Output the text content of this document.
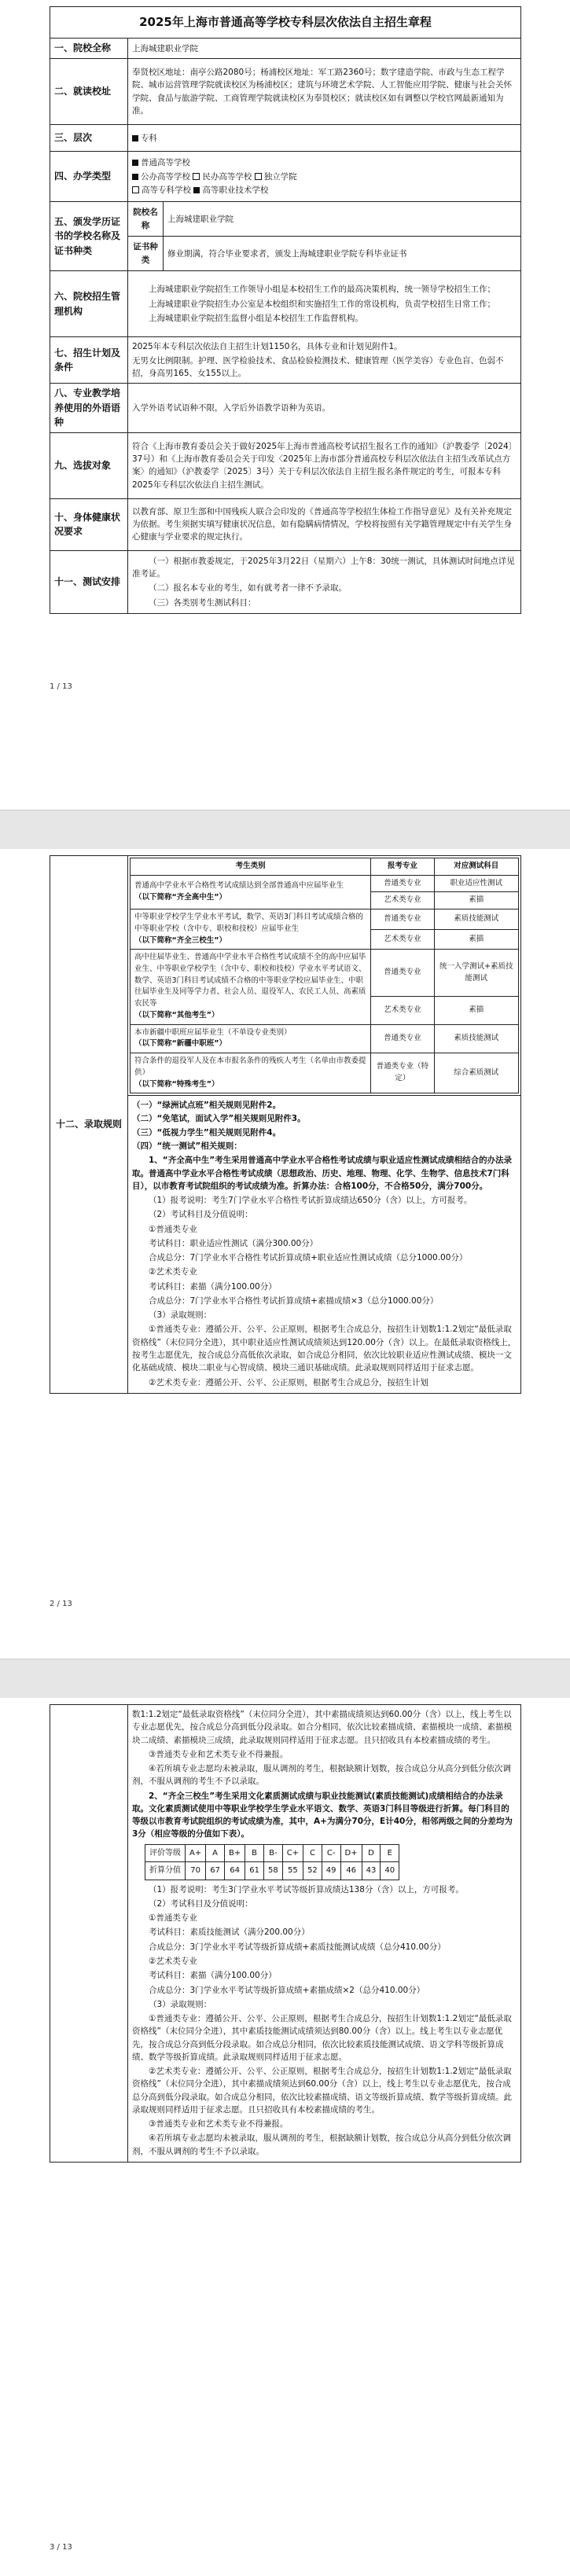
2025年上海市普通高等学校专科层次依法自主招生章程		
一、院校全称	上海城建职业学院	
二、就读校址	奉贤校区地址：南亭公路2080号；杨浦校区地址：军工路2360号；数字建造学院、市政与生态工程学院、城市运营管理学院就读校区为杨浦校区；建筑与环境艺术学院、人工智能应用学院、健康与社会关怀学院、食品与旅游学院、工商管理学院就读校区为奉贤校区；就读校区如有调整以学校官网最新通知为准。	
三、层次	专科	
四、办学类型	普通高等学校
公办高等学校 民办高等学校 独立学院
高等专科学校 高等职业技术学校	

五、颁发学历证书的学校名称及证书种类	院校名称	上海城建职业学院
	证书种类	修业期满，符合毕业要求者，颁发上海城建职业学院专科毕业证书
六、院校招生管理机构	上海城建职业学院招生工作领导小组是本校招生工作的最高决策机构，统一领导学校招生工作；
上海城建职业学院招生办公室是本校组织和实施招生工作的常设机构，负责学校招生日常工作；
上海城建职业学院招生监督小组是本校招生工作监督机构。	

七、招生计划及条件	2025年本专科层次依法自主招生计划1150名，具体专业和计划见附件1。
无男女比例限制。护理、医学检验技术、食品检验检测技术、健康管理（医学美容）专业色盲、色弱不招，身高男165、女155以上。	

八、专业教学培养使用的外语语种	入学外语考试语种不限，入学后外语教学语种为英语。	
九、选拔对象	符合《上海市教育委员会关于做好2025年上海市普通高校考试招生报名工作的通知》（沪教委学〔2024〕37号）和《上海市教育委员会关于印发〈2025年上海市部分普通高校专科层次依法自主招生改革试点方案〉的通知》（沪教委学〔2025〕3号）关于专科层次依法自主招生报名条件规定的考生，可报本专科2025年专科层次依法自主招生测试。	
十、身体健康状况要求	以教育部、原卫生部和中国残疾人联合会印发的《普通高等学校招生体检工作指导意见》及有关补充规定为依据。考生须据实填写健康状况信息，如有隐瞒病情情况，学校将按照有关学籍管理规定中有关学生身心健康与学业要求的规定执行。	
十一、测试安排	（一）根据市教委规定，于2025年3月22日（星期六）上午8：30统一测试，具体测试时间地点详见准考证。
（二）报名本专业的考生，如有就考者一律不予录取。
（三）各类别考生测试科目：	
1 / 13
十二、录取规则	
考生类别	报考专业	对应测试科目
普通高中学业水平合格性考试成绩达到全部普通高中应届毕业生
（以下简称“齐全高中生”）	普通类专业	职业适应性测试
艺术类专业	素描
中等职业学校学生学业水平考试，数学、英语3门科目考试成绩合格的中等职业学校（含中专、职校和技校）应届毕业生
（以下简称“齐全三校生”）	普通类专业	素质技能测试
艺术类专业	素描
高中往届毕业生、普通高中学业水平合格性考试成绩不全的高中应届毕业生、中等职业学校学生（含中专、职校和技校）学业水平考试语文、数学、英语3门科目考试成绩不合格的中等职业学校应届毕业生、中职往届毕业生及同等学力者、社会人员、退役军人、农民工人员、高素质农民等
（以下简称“其他考生”）	普通类专业	统一入学测试+素质技能测试
艺术类专业	素描
本市新疆中职班应届毕业生（不单设专业类别）
（以下简称“新疆中职班”）	普通类专业	素质技能测试
符合条件的退役军人及在本市报名条件的残疾人考生（名单由市教委提供）
（以下简称“特殊考生”）	普通类专业（特定）	综合素质测试

（一）“绿洲试点班”相关规则见附件2。
（二）“免笔试，面试入学”相关规则见附件3。
（三）“低视力学生”相关规则见附件4。
（四）“统一测试”相关规则：
1、“齐全高中生”考生采用普通高中学业水平合格性考试成绩与职业适应性测试成绩相结合的办法录取。普通高中学业水平合格性考试成绩（思想政治、历史、地理、物理、化学、生物学、信息技术7门科目），以市教育考试院组织的考试成绩为准。折算办法：合格100分，不合格50分，满分700分。
（1）报考说明：考生7门学业水平合格性考试折算成绩达650分（含）以上，方可报考。
（2）考试科目及分值说明：
①普通类专业
考试科目：职业适应性测试（满分300.00分）
合成总分：7门学业水平合格性考试折算成绩+职业适应性测试成绩（总分1000.00分）
②艺术类专业
考试科目：素描（满分100.00分）
合成总分：7门学业水平合格性考试折算成绩+素描成绩×3（总分1000.00分）
（3）录取规则：
①普通类专业：遵循公开、公平、公正原则，根据考生合成总分，按招生计划数1:1.2划定“最低录取资格线”（末位同分全进），其中职业适应性测试成绩须达到120.00分（含）以上。在最低录取资格线上，按考生志愿优先，按合成总分高低依次录取，如合成总分相同，依次比较职业适应性测试成绩、模块一文化基础成绩、模块二职业与心智成绩、模块三通识基础成绩。此录取规则同样适用于征求志愿。
②艺术类专业：遵循公开、公平、公正原则，根据考生合成总分，按招生计划
2 / 13

数1:1.2划定“最低录取资格线”（末位同分全进），其中素描成绩须达到60.00分（含）以上，线上考生以专业志愿优先，按合成总分高到低分段录取。如合分相同，依次比较素描成绩、素描模块一成绩、素描模块二成绩、素描模块三成绩，此录取规则同样适用于征求志愿。且只招收具有本校素描成绩的考生。
③普通类专业和艺术类专业不得兼报。
④若所填专业志愿均未被录取，服从调剂的考生，根据缺额计划数，按合成总分从高分到低分依次调剂，不服从调剂的考生不予以录取。
2、“齐全三校生”考生采用文化素质测试成绩与职业技能测试(素质技能测试)成绩相结合的办法录取。文化素质测试使用中等职业学校学生学业水平语文、数学、英语3门科目等级进行折算。每门科目的等级以市教育考试院组织的考试成绩为准，其中，A+为满分70分，E计40分，相邻两级之间的分差均为3分（相应等级的分值如下表）。
评价等级	A+	A	B+	B	B-	C+	C	C-	D+	D	E
折算分值	70	67	64	61	58	55	52	49	46	43	40
（1）报考说明：考生3门学业水平考试等级折算成绩达138分（含）以上，方可报考。
（2）考试科目及分值说明：
①普通类专业
考试科目：素质技能测试（满分200.00分）
合成总分：3门学业水平考试等级折算成绩+素质技能测试成绩（总分410.00分）
②艺术类专业
考试科目：素描（满分100.00分）
合成总分：3门学业水平考试等级折算成绩+素描成绩×2（总分410.00分）
（3）录取规则：
①普通类专业：遵循公开、公平、公正原则，根据考生合成总分，按招生计划数1:1.2划定“最低录取资格线”（末位同分全进），其中素质技能测试成绩须达到80.00分（含）以上。线上考生以专业志愿优先，按合成总分高到低分段录取。如合成总分相同，依次比较素质技能测试成绩、语文学科等级折算成绩、数学等级折算成绩。此录取规则同样适用于征求志愿。
②艺术类专业：遵循公开、公平、公正原则，根据考生合成总分，按招生计划数1:1.2划定“最低录取资格线”（末位同分全进），其中素描成绩须达到60.00分（含）以上，线上考生以专业志愿优先，按合成总分高到低分段录取。如合成总分相同，依次比较素描成绩、语文等级折算成绩、数学等级折算成绩。此录取规则同样适用于征求志愿。且只招收具有本校素描成绩的考生。
③普通类专业和艺术类专业不得兼报。
④若所填专业志愿均未被录取，服从调剂的考生，根据缺额计划数，按合成总分从高分到低分依次调剂，不服从调剂的考生不予以录取。
3 / 13
